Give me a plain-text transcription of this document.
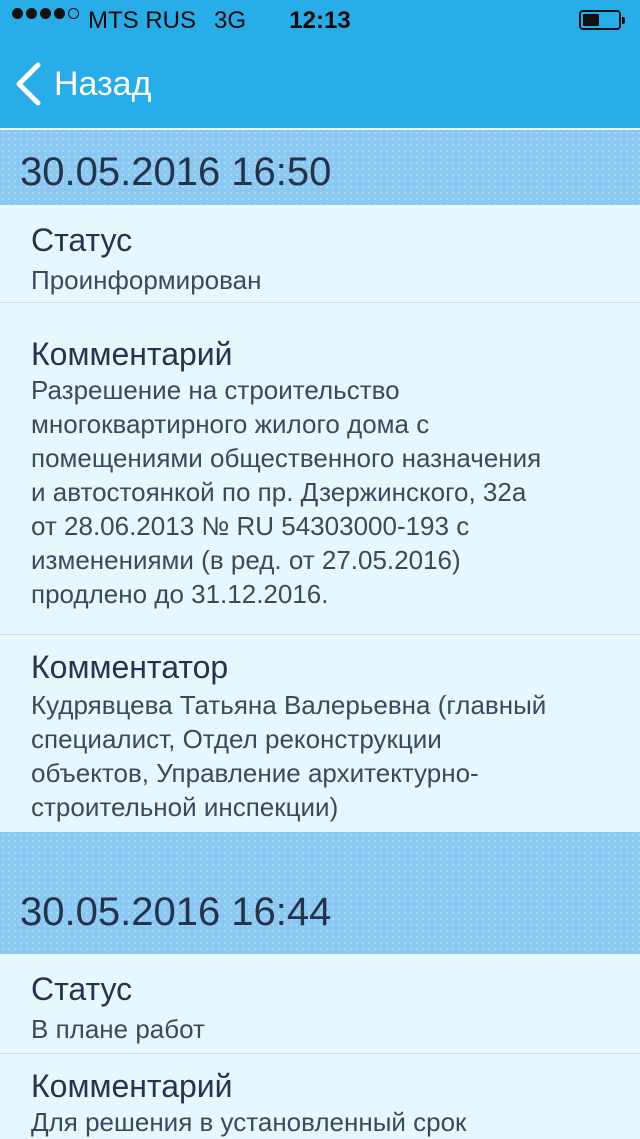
MTS RUS 3G	12:13
Назад
30.05.2016 16:50
Статус
Проинформирован
Комментарий
Разрешение на строительство
многоквартирного жилого дома с
помещениями общественного назначения
и автостоянкой по пр. Дзержинского, 32а
от 28.06.2013 № RU 54303000-193 с
изменениями (в ред. от 27.05.2016)
продлено до 31.12.2016.
Комментатор
Кудрявцева Татьяна Валерьевна (главный
специалист, Отдел реконструкции
объектов, Управление архитектурно-
строительной инспекции)
30.05.2016 16:44
Статус
В плане работ
Комментарий
Для решения в установленный срок
